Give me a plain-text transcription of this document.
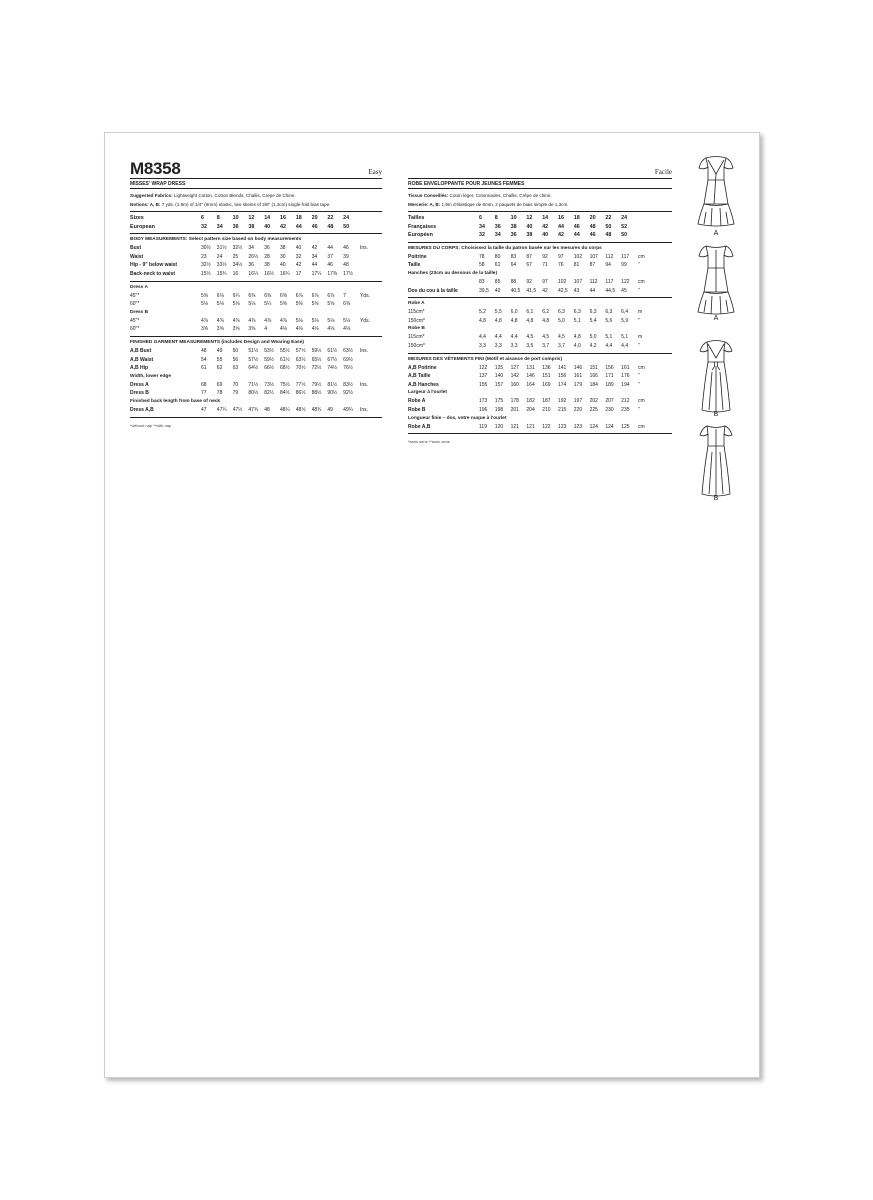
M8358	Easy
MISSES' WRAP DRESS
Suggested Fabrics: Lightweight Cotton, Cotton Blends, Challis, Crepe de Chine.
Notions: A, B: 7 yds. (1.9m) of 1/4" (6mm) elastic, two skeins of 3/8" (1.3cm) single-fold bias tape.
Sizes	6	8	10	12	14	16	18	20	22	24
European	32	34	36	38	40	42	44	46	48	50
BODY MEASUREMENTS: Select pattern size based on body measurements
Bust	30½	31½	32½	34	36	38	40	42	44	46	Ins.
Waist	23	24	25	26½	28	30	32	34	37	39
Hip - 9" below waist	32½	33½	34½	36	38	40	42	44	46	48
Back-neck to waist	15½	15¾	16	16¼	16½	16¾	17	17¼	17⅜	17½
Dress A
45"*	5⅝	6⅛	6¼	6⅜	6⅜	6⅜	6⅞	6⅞	6⅞	7	Yds.
60"*	5⅛	5⅛	5⅛	5⅛	5¼	5⅜	5⅜	5⅝	5⅝	6⅜
Dress B
45"*	4⅞	4⅞	4⅞	4⅞	4⅞	4⅞	5⅛	5⅛	5⅛	5⅛	Yds.
60"*	3⅝	3⅝	3⅝	3⅝	4	4⅛	4⅛	4⅛	4⅛	4⅛
FINISHED GARMENT MEASUREMENTS (includes Design and Wearing Ease)
A,B Bust	48	49	50	51½	53½	55½	57½	59½	61½	63½	Ins.
A,B Waist	54	55	56	57½	59½	61½	63½	65½	67½	69½
A,B Hip	61	62	63	64½	66½	68½	70½	72½	74½	76½
Width, lower edge
Dress A	68	69	70	71½	73½	75½	77½	79½	81½	83½	Ins.
Dress B	77	78	79	80½	82½	84½	86½	88½	90½	92½
Finished back length from base of neck
Dress A,B	47	47¼	47½	47¾	48	48¼	48½	48¾	49	49¼	Ins.
*without nap **with nap
Facile
ROBE ENVELOPPANTE POUR JEUNES FEMMES
Tissus Conseillés: Coton léger, Cotonnades, Challis, Crêpe de chine.
Mercerie: A, B: 1,9m d'élastique de 6mm, 2 paquets de biais simple de 1,3cm.
Tailles	6	8	10	12	14	16	18	20	22	24
Françaises	34	36	38	40	42	44	46	48	50	52
Européen	32	34	36	38	40	42	44	46	48	50
MESURES DU CORPS: Choisissez la taille du patron basée sur les mesures du corps
Poitrine	78	80	83	87	92	97	102	107	112	117	cm
Taille	58	61	64	67	71	76	81	87	94	99	"
Hanches (23cm au dessous de la taille)
83	85	88	92	97	102	107	112	117	122	cm
Dos du cou à la taille	39,5	40	40,5	41,5	42	42,5	43	44	44,5	45	"
Robe A
115cm*	5,2	5,5	6,0	6,1	6,2	6,3	6,3	6,3	6,3	6,4	m
150cm*	4,8	4,8	4,8	4,8	4,8	5,0	5,1	5,4	5,6	5,9	"
Robe B
115cm*	4,4	4,4	4,4	4,5	4,5	4,5	4,8	5,0	5,1	5,1	m
150cm*	3,3	3,3	3,3	3,5	3,7	3,7	4,0	4,2	4,4	4,4	"
MESURES DES VÊTEMENTS FINI (Motif et aisance de port compris)
A,B Poitrine	122	125	127	131	136	141	146	151	156	161	cm
A,B Taille	137	140	142	146	151	156	161	166	171	176	"
A,B Hanches	155	157	160	164	169	174	179	184	189	194	"
Largeur à l'ourlet
Robe A	173	175	178	182	187	192	197	202	207	212	cm
Robe B	196	198	201	204	210	215	220	225	230	235	"
Longueur finie – dos, votre nuque à l'ourlet
Robe A,B	119	120	121	121	122	123	123	124	124	125	cm
*sans sens **avec sens
A
A
B
B
